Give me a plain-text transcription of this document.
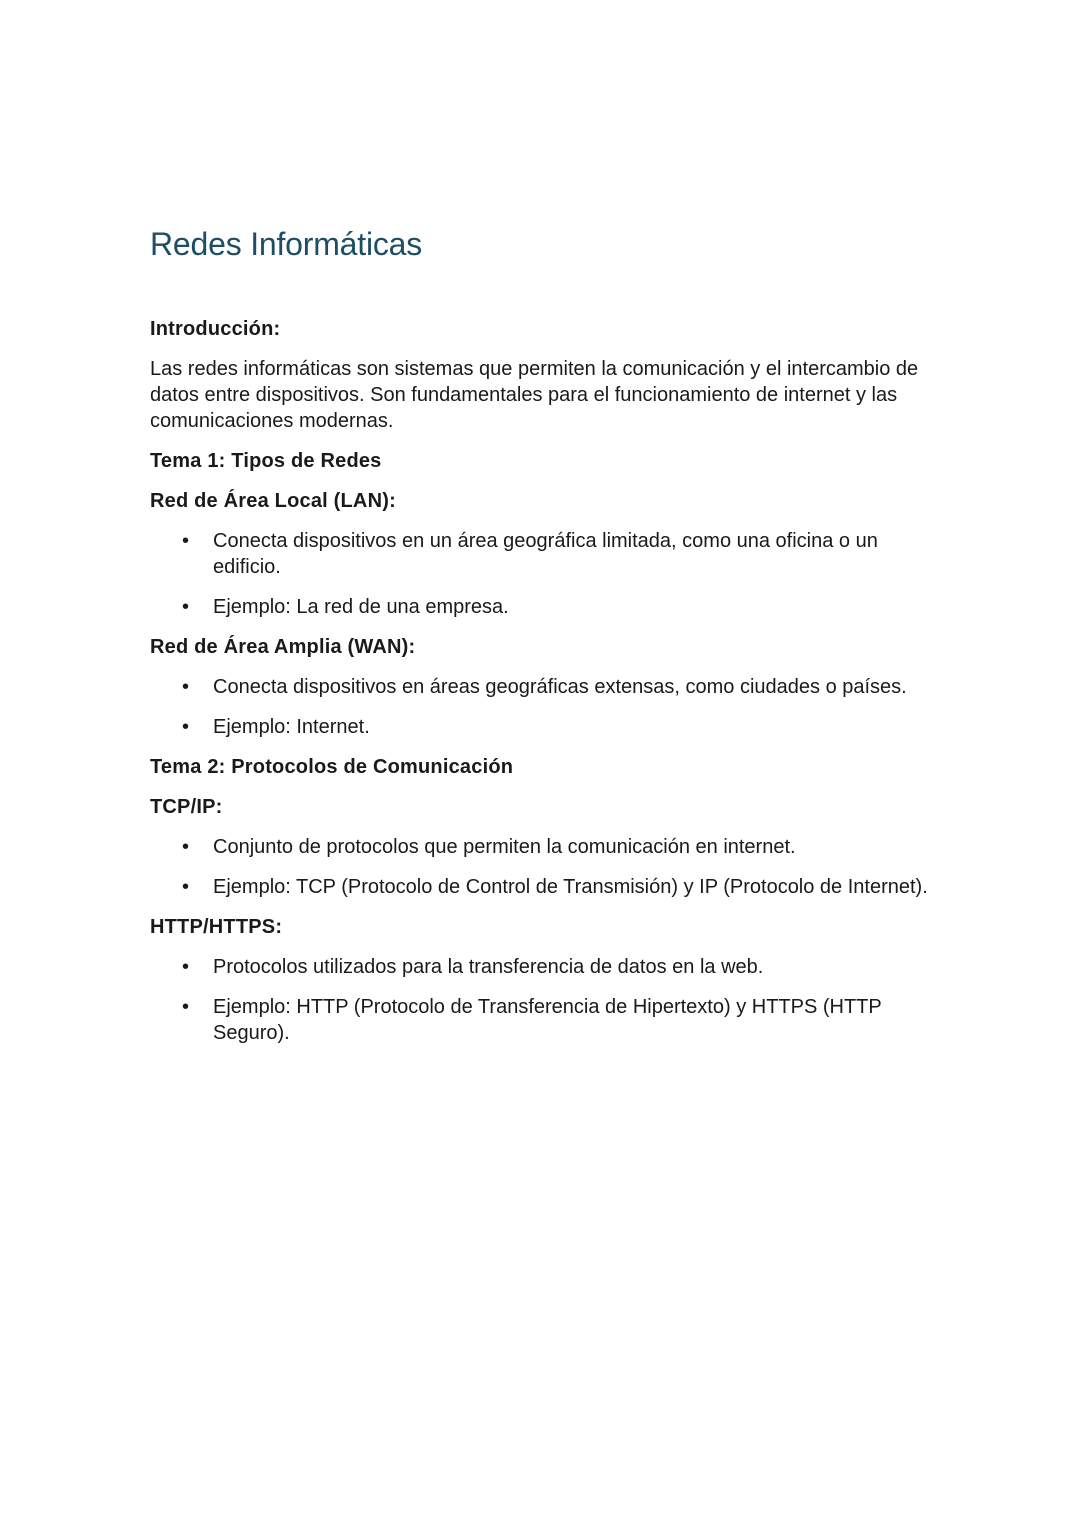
Redes Informáticas
Introducción:

Las redes informáticas son sistemas que permiten la comunicación y el intercambio de datos entre dispositivos. Son fundamentales para el funcionamiento de internet y las comunicaciones modernas.

Tema 1: Tipos de Redes
Red de Área Local (LAN):
• Conecta dispositivos en un área geográfica limitada, como una oficina o un edificio.
• Ejemplo: La red de una empresa.
Red de Área Amplia (WAN):
• Conecta dispositivos en áreas geográficas extensas, como ciudades o países.
• Ejemplo: Internet.
Tema 2: Protocolos de Comunicación
TCP/IP:
• Conjunto de protocolos que permiten la comunicación en internet.
• Ejemplo: TCP (Protocolo de Control de Transmisión) y IP (Protocolo de Internet).
HTTP/HTTPS:
• Protocolos utilizados para la transferencia de datos en la web.
• Ejemplo: HTTP (Protocolo de Transferencia de Hipertexto) y HTTPS (HTTP Seguro).
